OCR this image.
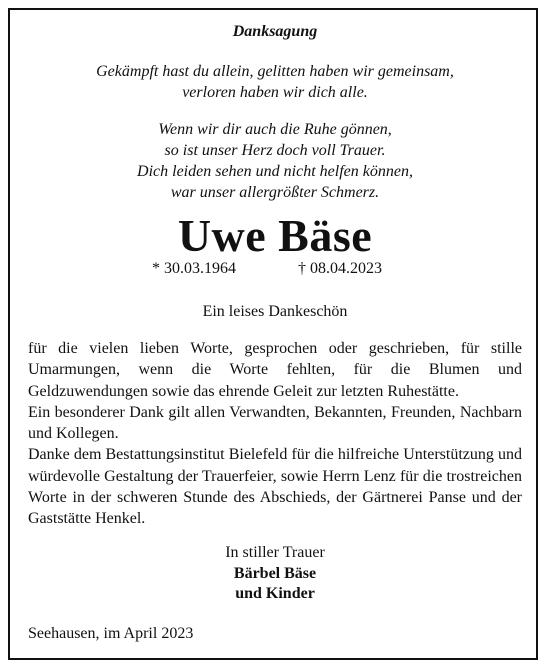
Danksagung
Gekämpft hast du allein, gelitten haben wir gemeinsam,
verloren haben wir dich alle.
Wenn wir dir auch die Ruhe gönnen,
so ist unser Herz doch voll Trauer.
Dich leiden sehen und nicht helfen können,
war unser allergrößter Schmerz.
Uwe Bäse
* 30.03.1964	† 08.04.2023
Ein leises Dankeschön

für die vielen lieben Worte, gesprochen oder geschrieben, für stille Umarmungen, wenn die Worte fehlten, für die Blumen und Geldzuwendungen sowie das ehrende Geleit zur letzten Ruhestätte.

Ein besonderer Dank gilt allen Verwandten, Bekannten, Freunden, Nachbarn und Kollegen.

Danke dem Bestattungsinstitut Bielefeld für die hilfreiche Unterstützung und würdevolle Gestaltung der Trauerfeier, sowie Herrn Lenz für die trostreichen Worte in der schweren Stunde des Abschieds, der Gärtnerei Panse und der Gaststätte Henkel.

In stiller Trauer
Bärbel Bäse
und Kinder
Seehausen, im April 2023
